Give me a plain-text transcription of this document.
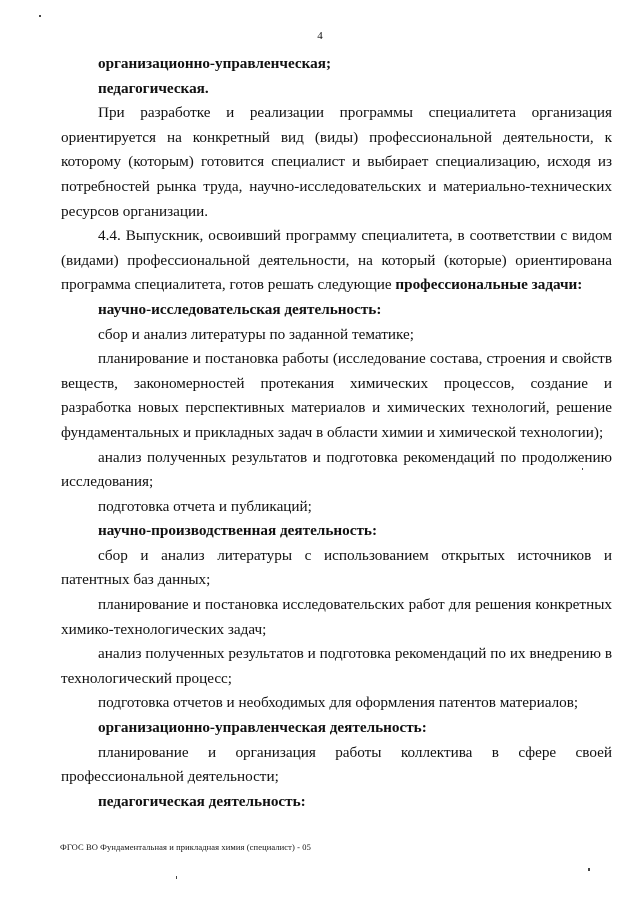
4

организационно-управленческая;

педагогическая.

При разработке и реализации программы специалитета организация ориентируется на конкретный вид (виды) профессиональной деятельности, к которому (которым) готовится специалист и выбирает специализацию, исходя из потребностей рынка труда, научно-исследовательских и материально-технических ресурсов организации.

4.4. Выпускник, освоивший программу специалитета, в соответствии с видом (видами) профессиональной деятельности, на который (которые) ориентирована программа специалитета, готов решать следующие профессиональные задачи:

научно-исследовательская деятельность:

сбор и анализ литературы по заданной тематике;

планирование и постановка работы (исследование состава, строения и свойств веществ, закономерностей протекания химических процессов, создание и разработка новых перспективных материалов и химических технологий, решение фундаментальных и прикладных задач в области химии и химической технологии);

анализ полученных результатов и подготовка рекомендаций по продолжению исследования;

подготовка отчета и публикаций;

научно-производственная деятельность:

сбор и анализ литературы с использованием открытых источников и патентных баз данных;

планирование и постановка исследовательских работ для решения конкретных химико-технологических задач;

анализ полученных результатов и подготовка рекомендаций по их внедрению в технологический процесс;

подготовка отчетов и необходимых для оформления патентов материалов;

организационно-управленческая деятельность:

планирование и организация работы коллектива в сфере своей профессиональной деятельности;

педагогическая деятельность:

ФГОС ВО Фундаментальная и прикладная химия (специалист) - 05
